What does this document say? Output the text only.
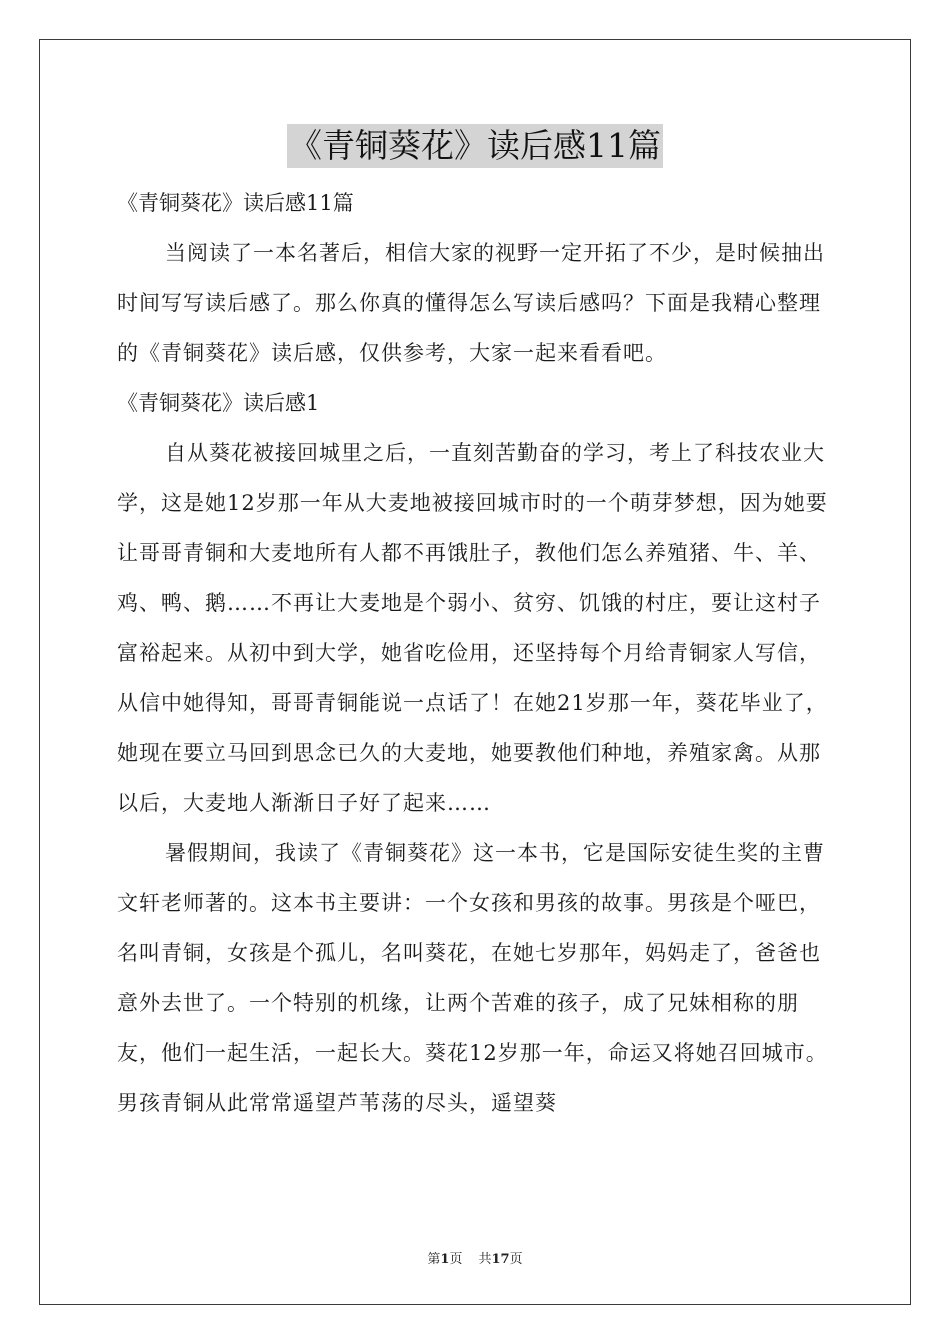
《青铜葵花》读后感11篇

《青铜葵花》读后感11篇

当阅读了一本名著后，相信大家的视野一定开拓了不少，是时候抽出时间写写读后感了。那么你真的懂得怎么写读后感吗？下面是我精心整理的《青铜葵花》读后感，仅供参考，大家一起来看看吧。

《青铜葵花》读后感1

自从葵花被接回城里之后，一直刻苦勤奋的学习，考上了科技农业大学，这是她12岁那一年从大麦地被接回城市时的一个萌芽梦想，因为她要让哥哥青铜和大麦地所有人都不再饿肚子，教他们怎么养殖猪、牛、羊、鸡、鸭、鹅……不再让大麦地是个弱小、贫穷、饥饿的村庄，要让这村子富裕起来。从初中到大学，她省吃俭用，还坚持每个月给青铜家人写信，从信中她得知，哥哥青铜能说一点话了！在她21岁那一年，葵花毕业了，她现在要立马回到思念已久的大麦地，她要教他们种地，养殖家禽。从那以后，大麦地人渐渐日子好了起来……

暑假期间，我读了《青铜葵花》这一本书，它是国际安徒生奖的主曹文轩老师著的。这本书主要讲：一个女孩和男孩的故事。男孩是个哑巴，名叫青铜，女孩是个孤儿，名叫葵花，在她七岁那年，妈妈走了，爸爸也意外去世了。一个特别的机缘，让两个苦难的孩子，成了兄妹相称的朋友，他们一起生活，一起长大。葵花12岁那一年，命运又将她召回城市。男孩青铜从此常常遥望芦苇荡的尽头，遥望葵

第1页 共17页
